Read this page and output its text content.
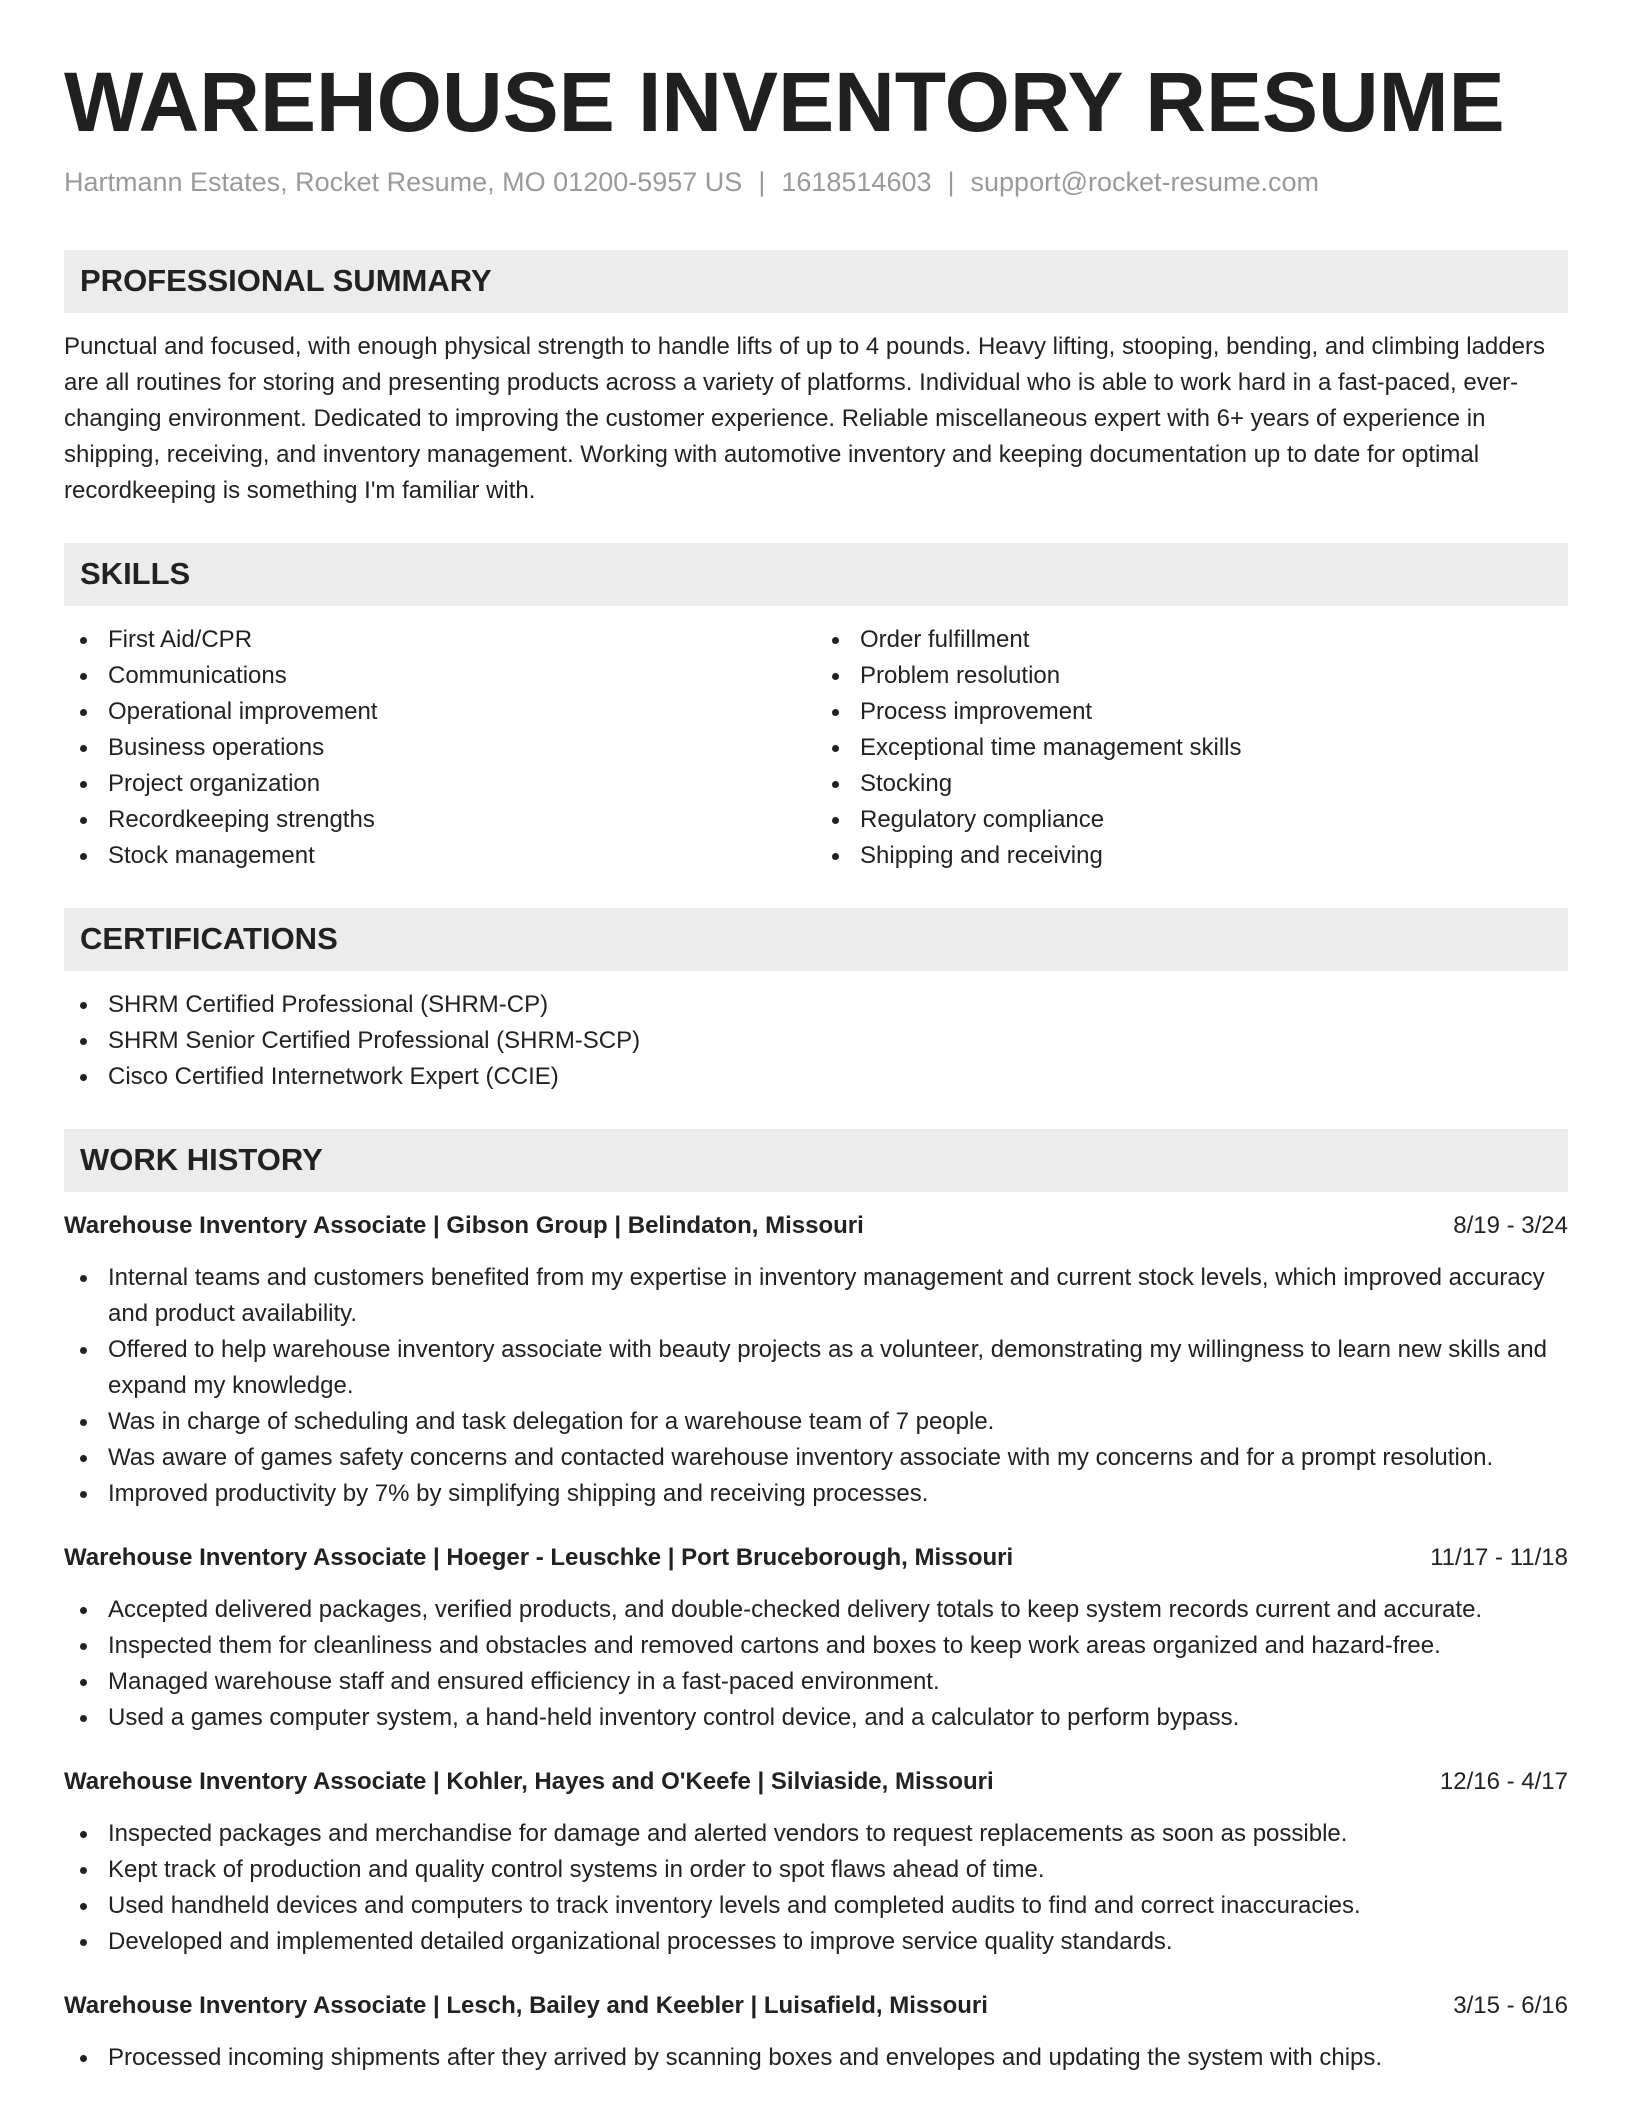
WAREHOUSE INVENTORY RESUME
Hartmann Estates, Rocket Resume, MO 01200-5957 US | 1618514603 | support@rocket-resume.com
PROFESSIONAL SUMMARY
Punctual and focused, with enough physical strength to handle lifts of up to 4 pounds. Heavy lifting, stooping, bending, and climbing ladders are all routines for storing and presenting products across a variety of platforms. Individual who is able to work hard in a fast-paced, ever-changing environment. Dedicated to improving the customer experience. Reliable miscellaneous expert with 6+ years of experience in shipping, receiving, and inventory management. Working with automotive inventory and keeping documentation up to date for optimal recordkeeping is something I'm familiar with.
SKILLS
First Aid/CPR
Communications
Operational improvement
Business operations
Project organization
Recordkeeping strengths
Stock management
Order fulfillment
Problem resolution
Process improvement
Exceptional time management skills
Stocking
Regulatory compliance
Shipping and receiving
CERTIFICATIONS
SHRM Certified Professional (SHRM-CP)
SHRM Senior Certified Professional (SHRM-SCP)
Cisco Certified Internetwork Expert (CCIE)
WORK HISTORY
Warehouse Inventory Associate | Gibson Group | Belindaton, Missouri	8/19 - 3/24
Internal teams and customers benefited from my expertise in inventory management and current stock levels, which improved accuracy and product availability.
Offered to help warehouse inventory associate with beauty projects as a volunteer, demonstrating my willingness to learn new skills and expand my knowledge.
Was in charge of scheduling and task delegation for a warehouse team of 7 people.
Was aware of games safety concerns and contacted warehouse inventory associate with my concerns and for a prompt resolution.
Improved productivity by 7% by simplifying shipping and receiving processes.
Warehouse Inventory Associate | Hoeger - Leuschke | Port Bruceborough, Missouri	11/17 - 11/18
Accepted delivered packages, verified products, and double-checked delivery totals to keep system records current and accurate.
Inspected them for cleanliness and obstacles and removed cartons and boxes to keep work areas organized and hazard-free.
Managed warehouse staff and ensured efficiency in a fast-paced environment.
Used a games computer system, a hand-held inventory control device, and a calculator to perform bypass.
Warehouse Inventory Associate | Kohler, Hayes and O'Keefe | Silviaside, Missouri	12/16 - 4/17
Inspected packages and merchandise for damage and alerted vendors to request replacements as soon as possible.
Kept track of production and quality control systems in order to spot flaws ahead of time.
Used handheld devices and computers to track inventory levels and completed audits to find and correct inaccuracies.
Developed and implemented detailed organizational processes to improve service quality standards.
Warehouse Inventory Associate | Lesch, Bailey and Keebler | Luisafield, Missouri	3/15 - 6/16
Processed incoming shipments after they arrived by scanning boxes and envelopes and updating the system with chips.
